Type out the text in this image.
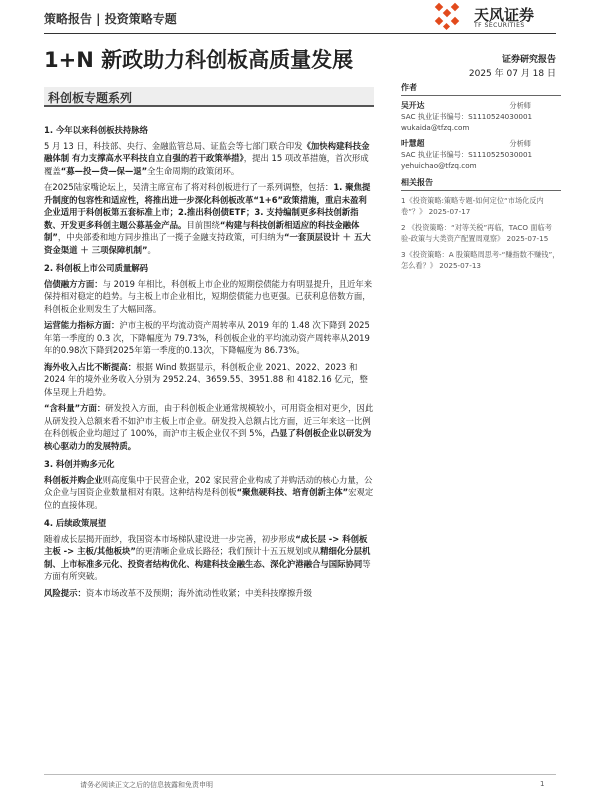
策略报告 | 投资策略专题	天风证券
TF SECURITIES
1+N 新政助力科创板高质量发展	证券研究报告
2025 年 07 月 18 日
科创板专题系列
1. 今年以来科创板扶持脉络

5 月 13 日，科技部、央行、金融监管总局、证监会等七部门联合印发《加快构建科技金融体制 有力支撑高水平科技自立自强的若干政策举措》，提出 15 项改革措施，首次形成覆盖“募—投—贷—保—退”全生命周期的政策闭环。

在2025陆家嘴论坛上，吴清主席宣布了将对科创板进行了一系列调整，包括：1. 聚焦提升制度的包容性和适应性，将推出进一步深化科创板改革“1+6”政策措施，重启未盈利企业适用于科创板第五套标准上市；2.推出科创债ETF；3. 支持编制更多科技创新指数、开发更多科创主题公募基金产品。目前围绕“构建与科技创新相适应的科技金融体制”，中央部委和地方同步推出了一揽子金融支持政策，可归纳为“一套顶层设计 ＋ 五大资金渠道 ＋ 三项保障机制”。

2. 科创板上市公司质量解码

信债融方方面：与 2019 年相比，科创板上市企业的短期偿债能力有明显提升，且近年来保持相对稳定的趋势。与主板上市企业相比，短期偿债能力也更强。已获利息倍数方面，科创板企业则发生了大幅回落。

运营能力指标方面：沪市主板的平均流动资产周转率从 2019 年的 1.48 次下降到 2025 年第一季度的 0.3 次，下降幅度为 79.73%，科创板企业的平均流动资产周转率从2019年的0.98次下降到2025年第一季度的0.13次，下降幅度为 86.73%。

海外收入占比不断提高：根据 Wind 数据显示，科创板企业 2021、2022、2023 和 2024 年的境外业务收入分别为 2952.24、3659.55、3951.88 和 4182.16 亿元，整体呈现上升趋势。

“含科量”方面：研发投入方面，由于科创板企业通常规模较小，可用资金相对更少，因此从研发投入总额来看不如沪市主板上市企业。研发投入总额占比方面，近三年来这一比例在科创板企业均超过了 100%，而沪市主板企业仅不到 5%，凸显了科创板企业以研发为核心驱动力的发展特质。

3. 科创并购多元化

科创板并购企业则高度集中于民营企业，202 家民营企业构成了并购活动的核心力量，公众企业与国资企业数量相对有限。这种结构是科创板“聚焦硬科技、培育创新主体”宏观定位的直接体现。

4. 后续政策展望

随着成长层揭开面纱，我国资本市场梯队建设进一步完善，初步形成“成长层 -> 科创板主板 -> 主板/其他板块”的更清晰企业成长路径；我们预计十五五规划或从精细化分层机制、上市标准多元化、投资者结构优化、构建科技金融生态、深化沪港融合与国际协同等方面有所突破。

风险提示：资本市场改革不及预期；海外流动性收紧；中美科技摩擦升级

作者
吴开达	分析师
SAC 执业证书编号：S1110524030001
wukaida@tfzq.com
叶慧超	分析师
SAC 执业证书编号：S1110525030001
yehuichao@tfzq.com
相关报告
1《投资策略:策略专题-如何定位“市场化反内卷”？》 2025-07-17
2 《投资策略：“对等关税”再临，TACO 面临考验-政策与大类资产配置周观察》 2025-07-15
3《投资策略：A 股策略周思考-“赚指数不赚钱”，怎么看？》 2025-07-13
请务必阅读正文之后的信息披露和免责申明	1
